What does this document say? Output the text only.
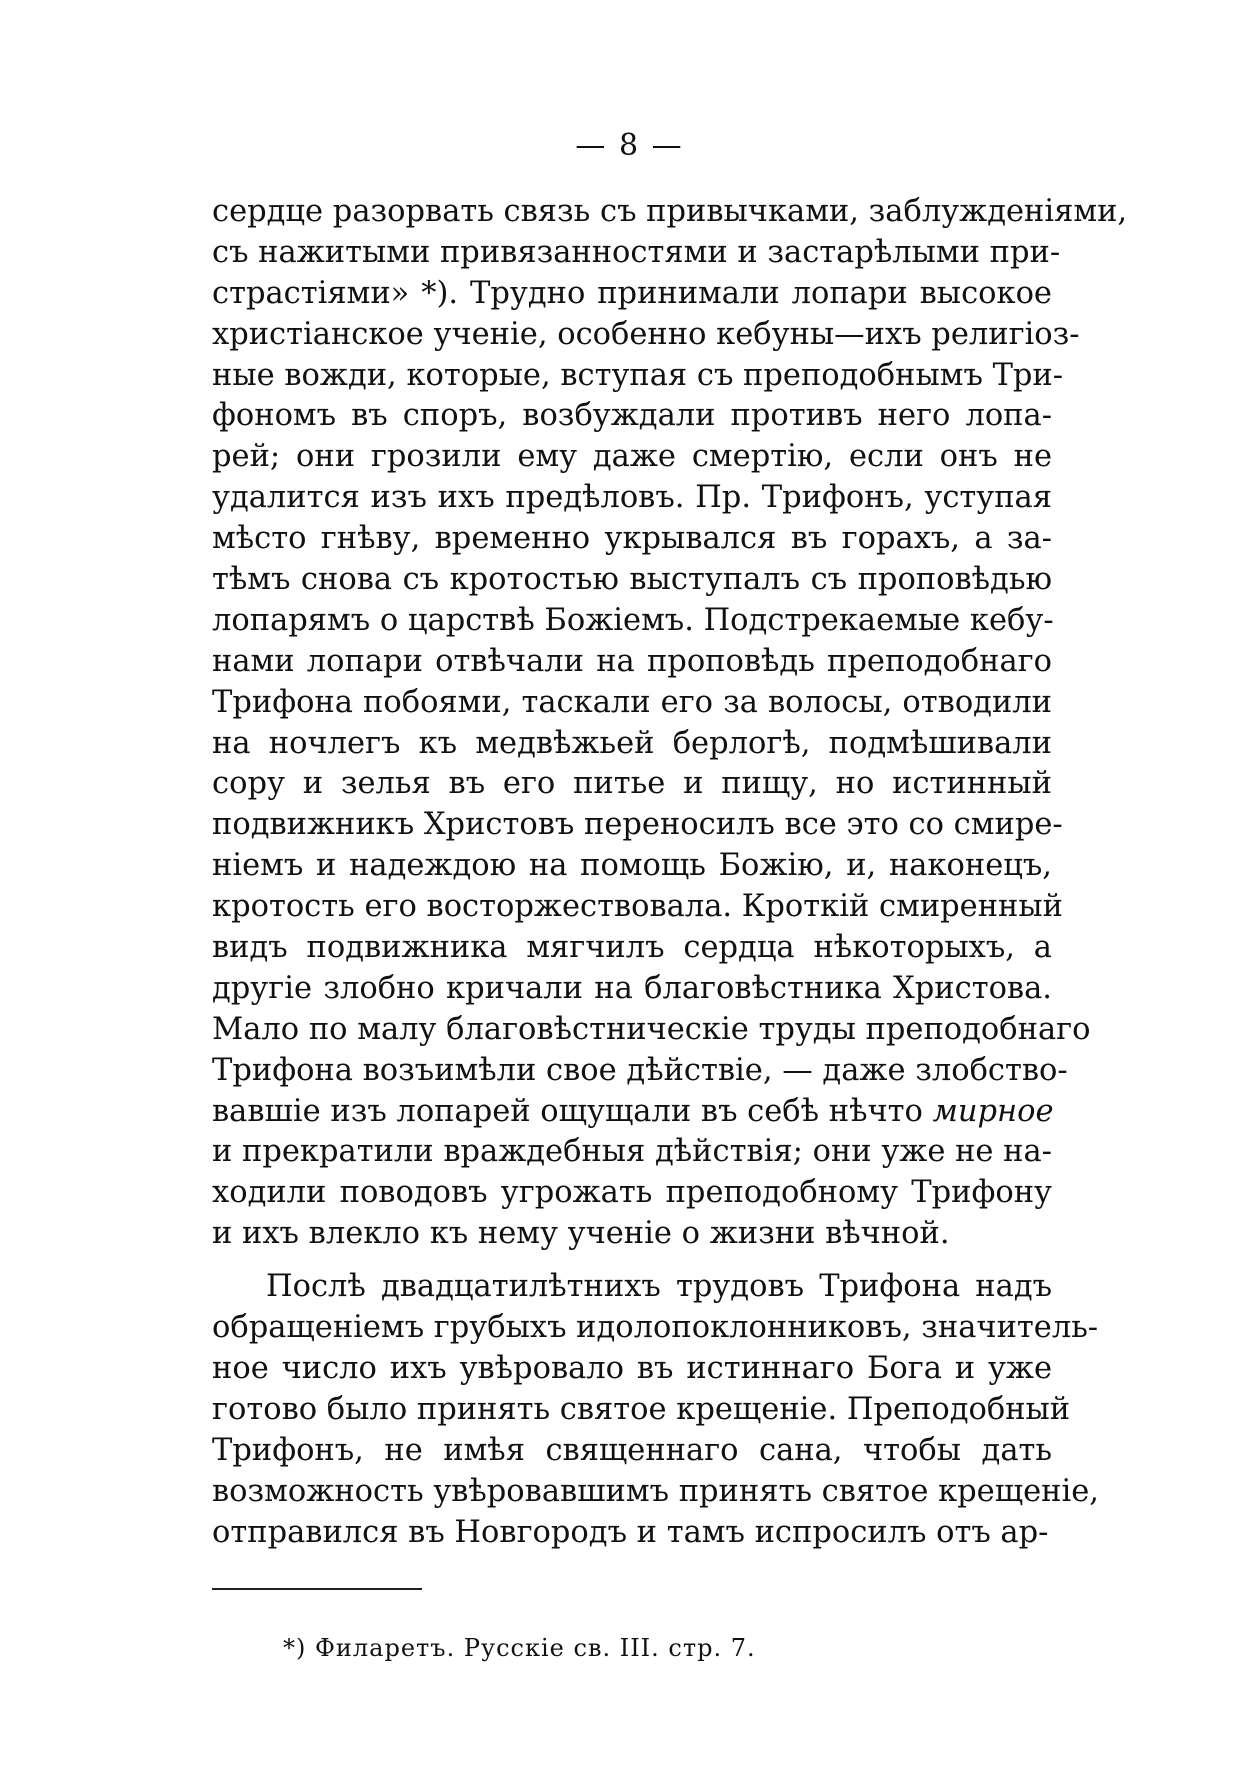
— 8 —
сердце разорвать связь съ привычками, заблужденіями,
съ нажитыми привязанностями и застарѣлыми при-
страстіями» *). Трудно принимали лопари высокое
христіанское ученіе, особенно кебуны—ихъ религіоз-
ные вожди, которые, вступая съ преподобнымъ Три-
фономъ въ споръ, возбуждали противъ него лопа-
рей; они грозили ему даже смертію, если онъ не
удалится изъ ихъ предѣловъ. Пр. Трифонъ, уступая
мѣсто гнѣву, временно укрывался въ горахъ, а за-
тѣмъ снова съ кротостью выступалъ съ проповѣдью
лопарямъ о царствѣ Божіемъ. Подстрекаемые кебу-
нами лопари отвѣчали на проповѣдь преподобнаго
Трифона побоями, таскали его за волосы, отводили
на ночлегъ къ медвѣжьей берлогѣ, подмѣшивали
сору и зелья въ его питье и пищу, но истинный
подвижникъ Христовъ переносилъ все это со смире-
ніемъ и надеждою на помощь Божію, и, наконецъ,
кротость его восторжествовала. Кроткій смиренный
видъ подвижника мягчилъ сердца нѣкоторыхъ, а
другіе злобно кричали на благовѣстника Христова.
Мало по малу благовѣстническіе труды преподобнаго
Трифона возъимѣли свое дѣйствіе, — даже злобство-
вавшіе изъ лопарей ощущали въ себѣ нѣчто мирное
и прекратили враждебныя дѣйствія; они уже не на-
ходили поводовъ угрожать преподобному Трифону
и ихъ влекло къ нему ученіе о жизни вѣчной.
Послѣ двадцатилѣтнихъ трудовъ Трифона надъ
обращеніемъ грубыхъ идолопоклонниковъ, значитель-
ное число ихъ увѣровало въ истиннаго Бога и уже
готово было принять святое крещеніе. Преподобный
Трифонъ, не имѣя священнаго сана, чтобы дать
возможность увѣровавшимъ принять святое крещеніе,
отправился въ Новгородъ и тамъ испросилъ отъ ар-
*) Филаретъ. Русскіе св. III. стр. 7.
